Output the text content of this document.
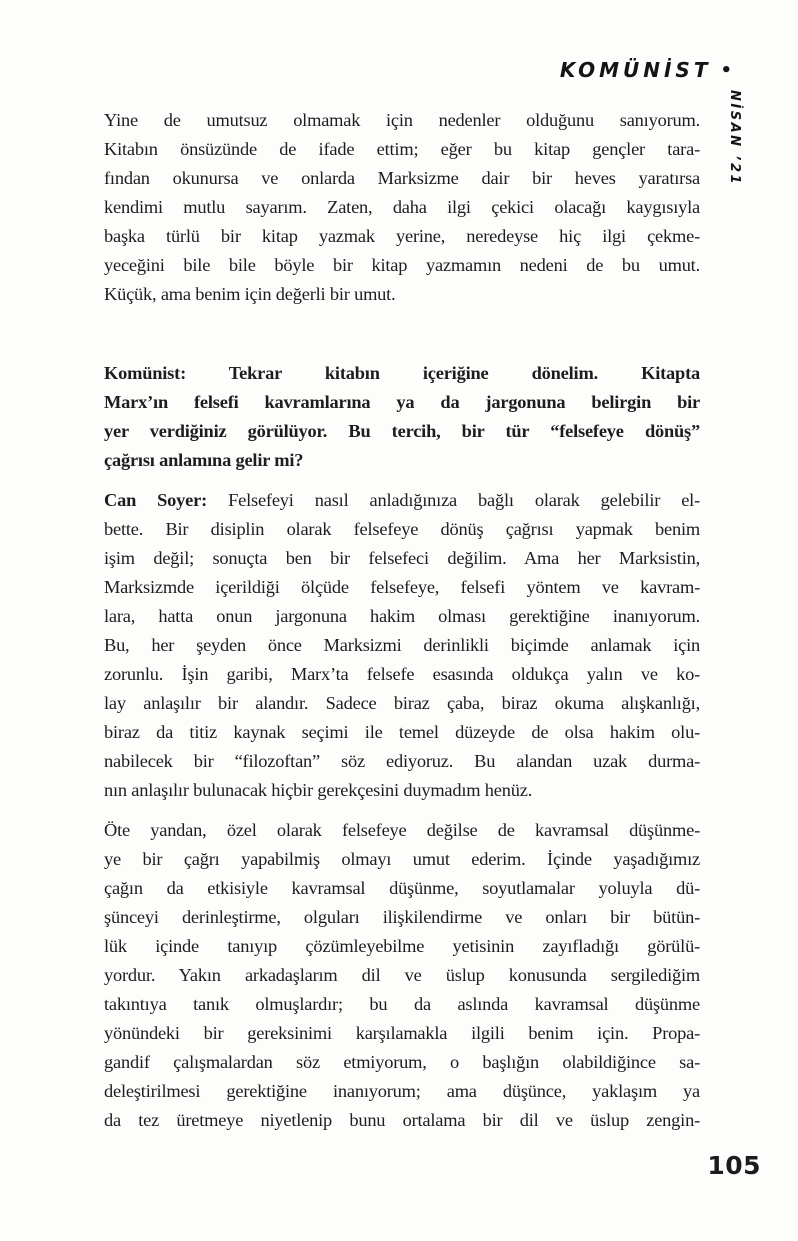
KOMÜNİST •
NİSAN ’21
Yine de umutsuz olmamak için nedenler olduğunu sanıyorum.
Kitabın önsüzünde de ifade ettim; eğer bu kitap gençler tara-
fından okunursa ve onlarda Marksizme dair bir heves yaratırsa
kendimi mutlu sayarım. Zaten, daha ilgi çekici olacağı kaygısıyla
başka türlü bir kitap yazmak yerine, neredeyse hiç ilgi çekme-
yeceğini bile bile böyle bir kitap yazmamın nedeni de bu umut.
Küçük, ama benim için değerli bir umut.
Komünist: Tekrar kitabın içeriğine dönelim. Kitapta
Marx’ın felsefi kavramlarına ya da jargonuna belirgin bir
yer verdiğiniz görülüyor. Bu tercih, bir tür “felsefeye dönüş”
çağrısı anlamına gelir mi?
Can Soyer: Felsefeyi nasıl anladığınıza bağlı olarak gelebilir el-
bette. Bir disiplin olarak felsefeye dönüş çağrısı yapmak benim
işim değil; sonuçta ben bir felsefeci değilim. Ama her Marksistin,
Marksizmde içerildiği ölçüde felsefeye, felsefi yöntem ve kavram-
lara, hatta onun jargonuna hakim olması gerektiğine inanıyorum.
Bu, her şeyden önce Marksizmi derinlikli biçimde anlamak için
zorunlu. İşin garibi, Marx’ta felsefe esasında oldukça yalın ve ko-
lay anlaşılır bir alandır. Sadece biraz çaba, biraz okuma alışkanlığı,
biraz da titiz kaynak seçimi ile temel düzeyde de olsa hakim olu-
nabilecek bir “filozoftan” söz ediyoruz. Bu alandan uzak durma-
nın anlaşılır bulunacak hiçbir gerekçesini duymadım henüz.
Öte yandan, özel olarak felsefeye değilse de kavramsal düşünme-
ye bir çağrı yapabilmiş olmayı umut ederim. İçinde yaşadığımız
çağın da etkisiyle kavramsal düşünme, soyutlamalar yoluyla dü-
şünceyi derinleştirme, olguları ilişkilendirme ve onları bir bütün-
lük içinde tanıyıp çözümleyebilme yetisinin zayıfladığı görülü-
yordur. Yakın arkadaşlarım dil ve üslup konusunda sergilediğim
takıntıya tanık olmuşlardır; bu da aslında kavramsal düşünme
yönündeki bir gereksinimi karşılamakla ilgili benim için. Propa-
gandif çalışmalardan söz etmiyorum, o başlığın olabildiğince sa-
deleştirilmesi gerektiğine inanıyorum; ama düşünce, yaklaşım ya
da tez üretmeye niyetlenip bunu ortalama bir dil ve üslup zengin-
105
